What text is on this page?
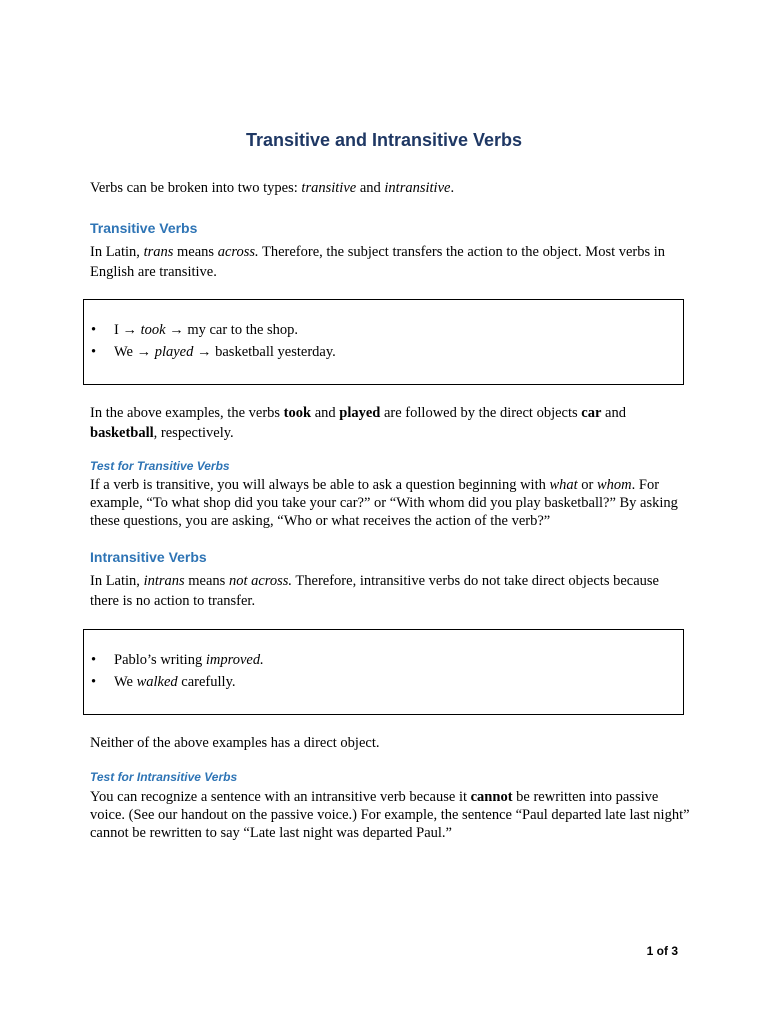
Transitive and Intransitive Verbs

Verbs can be broken into two types: transitive and intransitive.

Transitive Verbs

In Latin, trans means across. Therefore, the subject transfers the action to the object. Most verbs in English are transitive.

• I → took → my car to the shop.
• We → played → basketball yesterday.

In the above examples, the verbs took and played are followed by the direct objects car and basketball, respectively.

Test for Transitive Verbs

If a verb is transitive, you will always be able to ask a question beginning with what or whom. For example, “To what shop did you take your car?” or “With whom did you play basketball?” By asking these questions, you are asking, “Who or what receives the action of the verb?”

Intransitive Verbs

In Latin, intrans means not across. Therefore, intransitive verbs do not take direct objects because there is no action to transfer.

• Pablo’s writing improved.
• We walked carefully.

Neither of the above examples has a direct object.

Test for Intransitive Verbs

You can recognize a sentence with an intransitive verb because it cannot be rewritten into passive voice. (See our handout on the passive voice.) For example, the sentence “Paul departed late last night” cannot be rewritten to say “Late last night was departed Paul.”

1 of 3
